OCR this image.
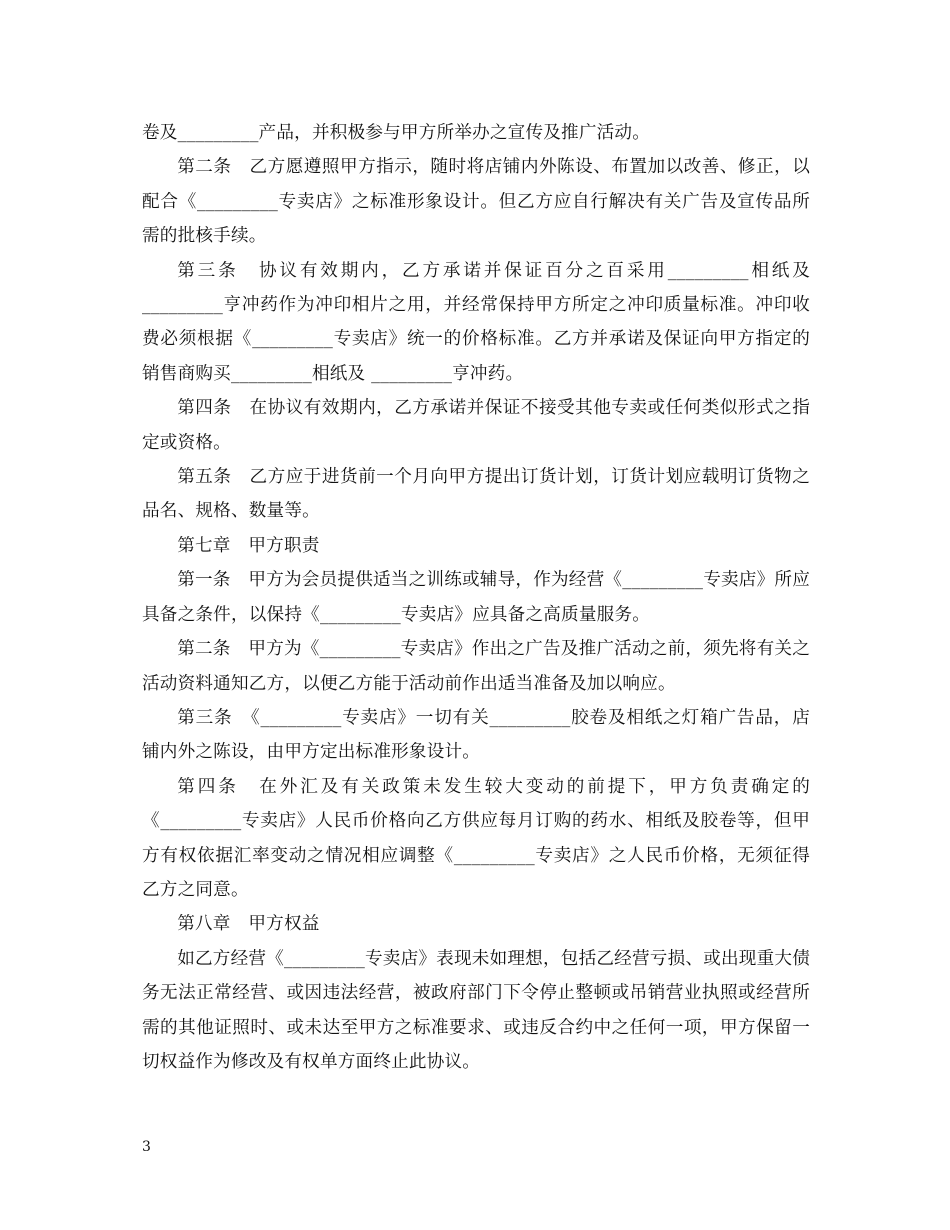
卷及_________产品，并积极参与甲方所举办之宣传及推广活动。

第二条　乙方愿遵照甲方指示，随时将店铺内外陈设、布置加以改善、修正，以配合《_________专卖店》之标准形象设计。但乙方应自行解决有关广告及宣传品所需的批核手续。

第三条　协议有效期内，乙方承诺并保证百分之百采用_________相纸及_________亨冲药作为冲印相片之用，并经常保持甲方所定之冲印质量标准。冲印收费必须根据《_________专卖店》统一的价格标准。乙方并承诺及保证向甲方指定的销售商购买_________相纸及 _________亨冲药。

第四条　在协议有效期内，乙方承诺并保证不接受其他专卖或任何类似形式之指定或资格。

第五条　乙方应于进货前一个月向甲方提出订货计划，订货计划应载明订货物之品名、规格、数量等。

第七章　甲方职责

第一条　甲方为会员提供适当之训练或辅导，作为经营《_________专卖店》所应具备之条件，以保持《_________专卖店》应具备之高质量服务。

第二条　甲方为《_________专卖店》作出之广告及推广活动之前，须先将有关之活动资料通知乙方，以便乙方能于活动前作出适当准备及加以响应。

第三条　《_________专卖店》一切有关_________胶卷及相纸之灯箱广告品，店铺内外之陈设，由甲方定出标准形象设计。

第四条　在外汇及有关政策未发生较大变动的前提下，甲方负责确定的《_________专卖店》人民币价格向乙方供应每月订购的药水、相纸及胶卷等，但甲方有权依据汇率变动之情况相应调整《_________专卖店》之人民币价格，无须征得乙方之同意。

第八章　甲方权益

如乙方经营《_________专卖店》表现未如理想，包括乙经营亏损、或出现重大债务无法正常经营、或因违法经营，被政府部门下令停止整顿或吊销营业执照或经营所需的其他证照时、或未达至甲方之标准要求、或违反合约中之任何一项，甲方保留一切权益作为修改及有权单方面终止此协议。

3
